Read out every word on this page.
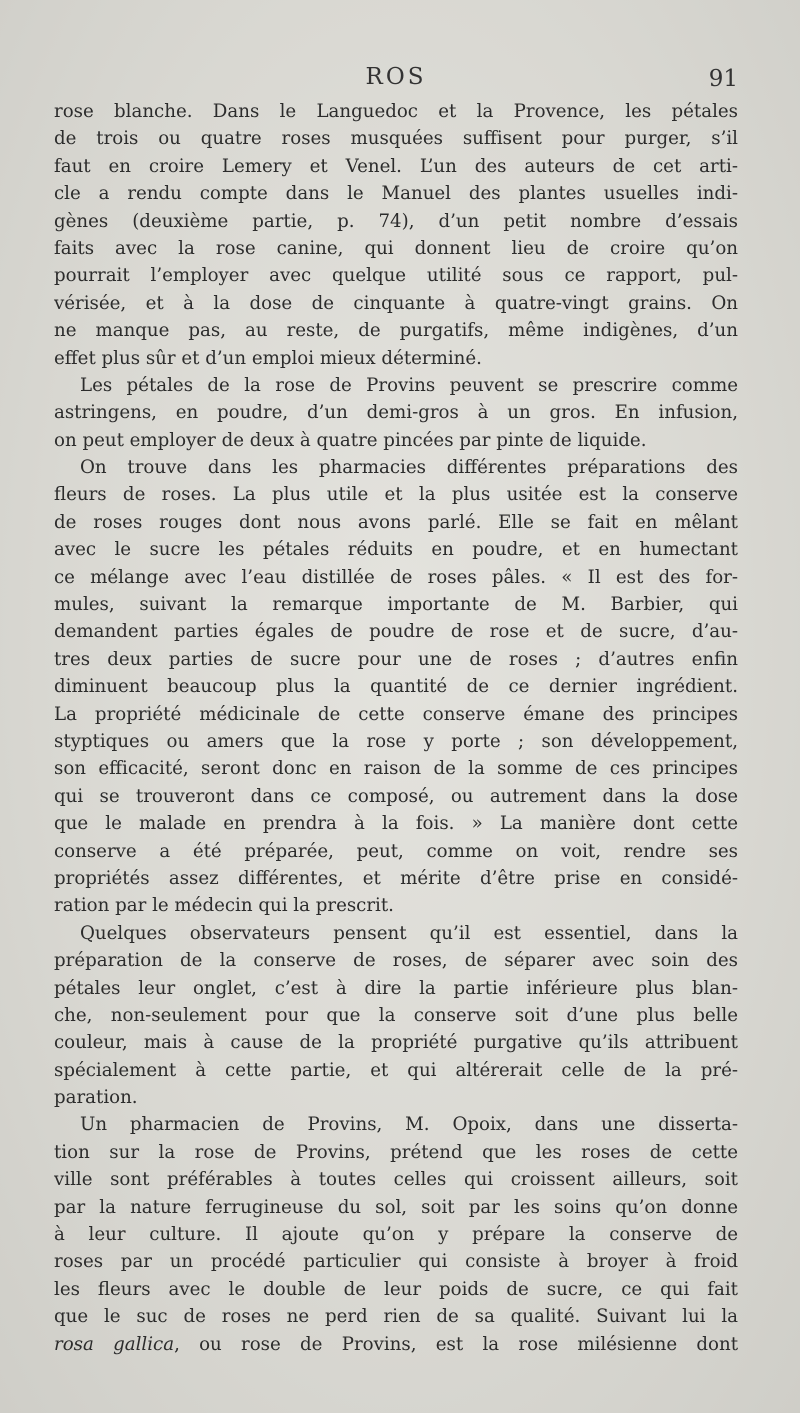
ROS	91
rose blanche. Dans le Languedoc et la Provence, les pétales
de trois ou quatre roses musquées suffisent pour purger, s’il
faut en croire Lemery et Venel. L’un des auteurs de cet arti-
cle a rendu compte dans le Manuel des plantes usuelles indi-
gènes (deuxième partie, p. 74), d’un petit nombre d’essais
faits avec la rose canine, qui donnent lieu de croire qu’on
pourrait l’employer avec quelque utilité sous ce rapport, pul-
vérisée, et à la dose de cinquante à quatre-vingt grains. On
ne manque pas, au reste, de purgatifs, même indigènes, d’un
effet plus sûr et d’un emploi mieux déterminé.
Les pétales de la rose de Provins peuvent se prescrire comme
astringens, en poudre, d’un demi-gros à un gros. En infusion,
on peut employer de deux à quatre pincées par pinte de liquide.
On trouve dans les pharmacies différentes préparations des
fleurs de roses. La plus utile et la plus usitée est la conserve
de roses rouges dont nous avons parlé. Elle se fait en mêlant
avec le sucre les pétales réduits en poudre, et en humectant
ce mélange avec l’eau distillée de roses pâles. « Il est des for-
mules, suivant la remarque importante de M. Barbier, qui
demandent parties égales de poudre de rose et de sucre, d’au-
tres deux parties de sucre pour une de roses ; d’autres enfin
diminuent beaucoup plus la quantité de ce dernier ingrédient.
La propriété médicinale de cette conserve émane des principes
styptiques ou amers que la rose y porte ; son développement,
son efficacité, seront donc en raison de la somme de ces principes
qui se trouveront dans ce composé, ou autrement dans la dose
que le malade en prendra à la fois. » La manière dont cette
conserve a été préparée, peut, comme on voit, rendre ses
propriétés assez différentes, et mérite d’être prise en considé-
ration par le médecin qui la prescrit.
Quelques observateurs pensent qu’il est essentiel, dans la
préparation de la conserve de roses, de séparer avec soin des
pétales leur onglet, c’est à dire la partie inférieure plus blan-
che, non-seulement pour que la conserve soit d’une plus belle
couleur, mais à cause de la propriété purgative qu’ils attribuent
spécialement à cette partie, et qui altérerait celle de la pré-
paration.
Un pharmacien de Provins, M. Opoix, dans une disserta-
tion sur la rose de Provins, prétend que les roses de cette
ville sont préférables à toutes celles qui croissent ailleurs, soit
par la nature ferrugineuse du sol, soit par les soins qu’on donne
à leur culture. Il ajoute qu’on y prépare la conserve de
roses par un procédé particulier qui consiste à broyer à froid
les fleurs avec le double de leur poids de sucre, ce qui fait
que le suc de roses ne perd rien de sa qualité. Suivant lui la
rosa gallica, ou rose de Provins, est la rose milésienne dont
